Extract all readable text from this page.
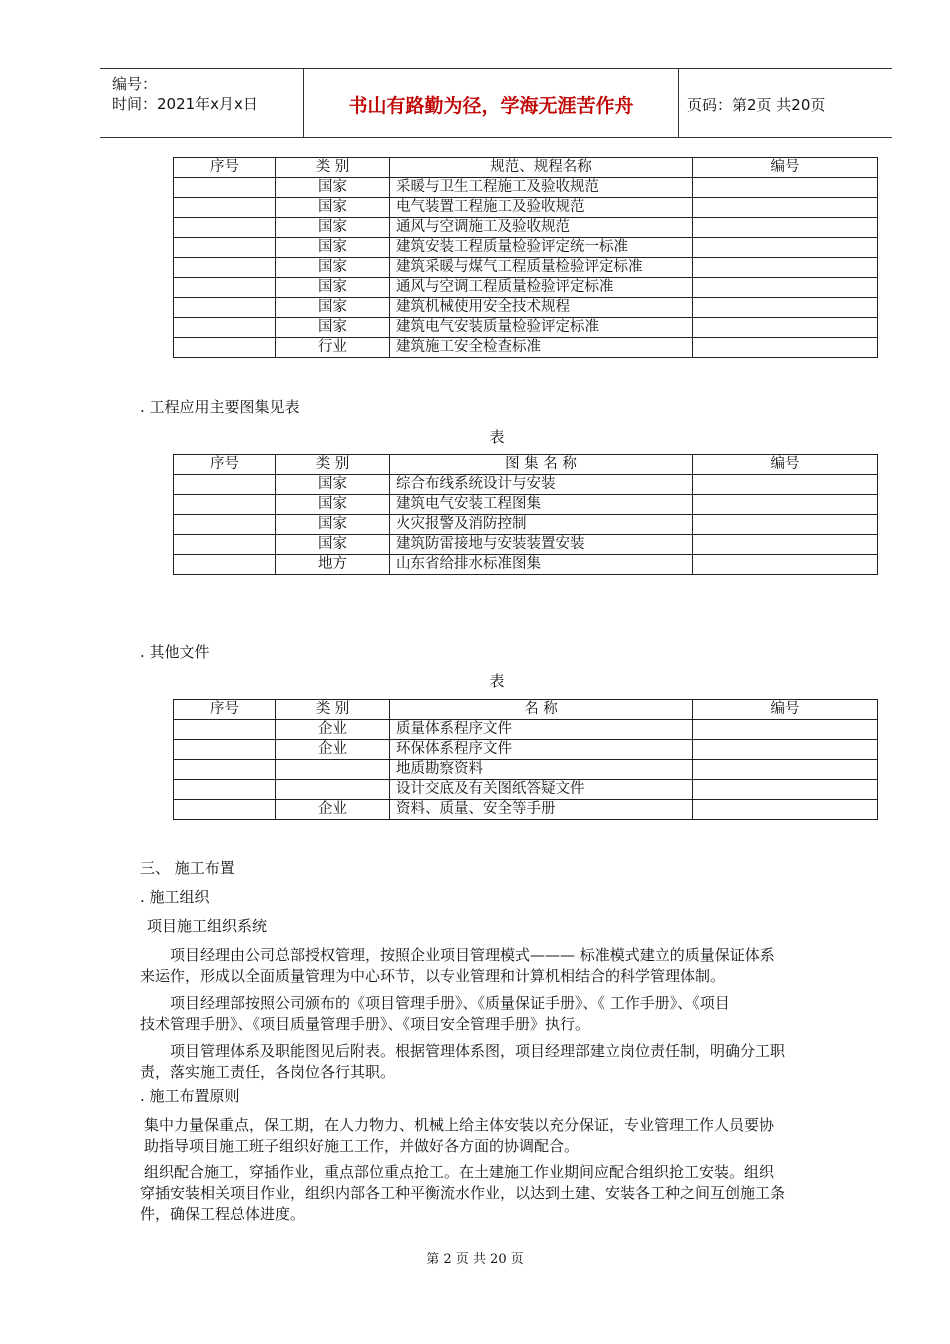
编号：
时间：2021年x月x日	书山有路勤为径，学海无涯苦作舟	页码：第2页 共20页
序号	类 别	规范、规程名称	编号
	国家	采暖与卫生工程施工及验收规范	
	国家	电气装置工程施工及验收规范	
	国家	通风与空调施工及验收规范	
	国家	建筑安装工程质量检验评定统一标准	
	国家	建筑采暖与煤气工程质量检验评定标准	
	国家	通风与空调工程质量检验评定标准	
	国家	建筑机械使用安全技术规程	
	国家	建筑电气安装质量检验评定标准	
	行业	建筑施工安全检查标准	
. 工程应用主要图集见表
表
序号	类 别	图 集 名 称	编号
	国家	综合布线系统设计与安装	
	国家	建筑电气安装工程图集	
	国家	火灾报警及消防控制	
	国家	建筑防雷接地与安装装置安装	
	地方	山东省给排水标准图集	
. 其他文件
表
序号	类 别	名 称	编号
	企业	质量体系程序文件	
	企业	环保体系程序文件	
		地质勘察资料	
		设计交底及有关图纸答疑文件	
	企业	资料、质量、安全等手册	
三、 施工布置
. 施工组织
项目施工组织系统
项目经理由公司总部授权管理，按照企业项目管理模式——— 标准模式建立的质量保证体系
来运作，形成以全面质量管理为中心环节，以专业管理和计算机相结合的科学管理体制。
项目经理部按照公司颁布的《项目管理手册》、《质量保证手册》、《 工作手册》、《项目
技术管理手册》、《项目质量管理手册》、《项目安全管理手册》执行。
项目管理体系及职能图见后附表。根据管理体系图，项目经理部建立岗位责任制，明确分工职
责，落实施工责任，各岗位各行其职。
. 施工布置原则
集中力量保重点，保工期，在人力物力、机械上给主体安装以充分保证，专业管理工作人员要协
助指导项目施工班子组织好施工工作，并做好各方面的协调配合。
组织配合施工，穿插作业，重点部位重点抢工。在土建施工作业期间应配合组织抢工安装。组织
穿插安装相关项目作业，组织内部各工种平衡流水作业，以达到土建、安装各工种之间互创施工条
件，确保工程总体进度。
第 2 页 共 20 页
